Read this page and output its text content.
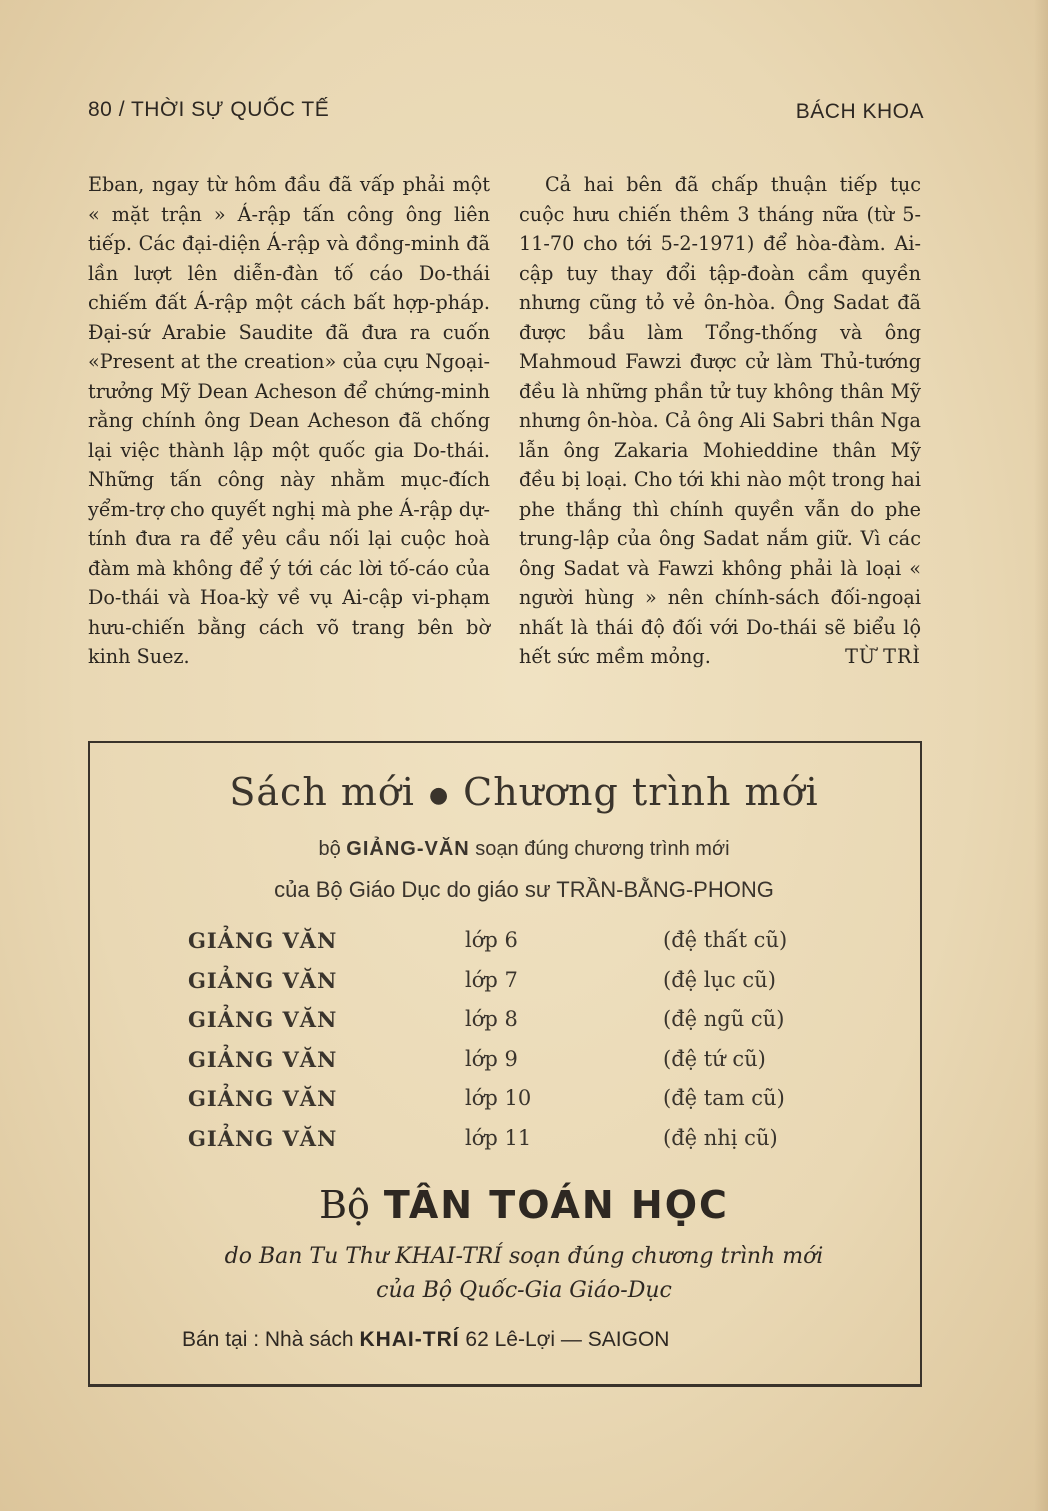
80 / THỜI SỰ QUỐC TẾ	BÁCH KHOA

Eban, ngay từ hôm đầu đã vấp phải một « mặt trận » Á-rập tấn công ông liên tiếp. Các đại-diện Á-rập và đồng-minh đã lần lượt lên diễn-đàn tố cáo Do-thái chiếm đất Á-rập một cách bất hợp-pháp. Đại-sứ Arabie Saudite đã đưa ra cuốn «Present at the creation» của cựu Ngoại-trưởng Mỹ Dean Acheson để chứng-minh rằng chính ông Dean Acheson đã chống lại việc thành lập một quốc gia Do-thái. Những tấn công này nhằm mục-đích yểm-trợ cho quyết nghị mà phe Á-rập dự-tính đưa ra để yêu cầu nối lại cuộc hoà đàm mà không để ý tới các lời tố-cáo của Do-thái và Hoa-kỳ về vụ Ai-cập vi-phạm hưu-chiến bằng cách võ trang bên bờ kinh Suez.

Cả hai bên đã chấp thuận tiếp tục cuộc hưu chiến thêm 3 tháng nữa (từ 5-11-70 cho tới 5-2-1971) để hòa-đàm. Ai-cập tuy thay đổi tập-đoàn cầm quyền nhưng cũng tỏ vẻ ôn-hòa. Ông Sadat đã được bầu làm Tổng-thống và ông Mahmoud Fawzi được cử làm Thủ-tướng đều là những phần tử tuy không thân Mỹ nhưng ôn-hòa. Cả ông Ali Sabri thân Nga lẫn ông Zakaria Mohieddine thân Mỹ đều bị loại. Cho tới khi nào một trong hai phe thắng thì chính quyền vẫn do phe trung-lập của ông Sadat nắm giữ. Vì các ông Sadat và Fawzi không phải là loại « người hùng » nên chính-sách đối-ngoại nhất là thái độ đối với Do-thái sẽ biểu lộ hết sức mềm mỏng.	TỪ TRÌ
Sách mới ● Chương trình mới
bộ GIẢNG-VĂN soạn đúng chương trình mới
của Bộ Giáo Dục do giáo sư TRẦN-BẰNG-PHONG
GIẢNG VĂN	lớp 6	(đệ thất cũ)
GIẢNG VĂN	lớp 7	(đệ lục cũ)
GIẢNG VĂN	lớp 8	(đệ ngũ cũ)
GIẢNG VĂN	lớp 9	(đệ tứ cũ)
GIẢNG VĂN	lớp 10	(đệ tam cũ)
GIẢNG VĂN	lớp 11	(đệ nhị cũ)
Bộ TÂN TOÁN HỌC
do Ban Tu Thư KHAI-TRÍ soạn đúng chương trình mới
của Bộ Quốc-Gia Giáo-Dục
Bán tại : Nhà sách KHAI-TRÍ 62 Lê-Lợi — SAIGON
